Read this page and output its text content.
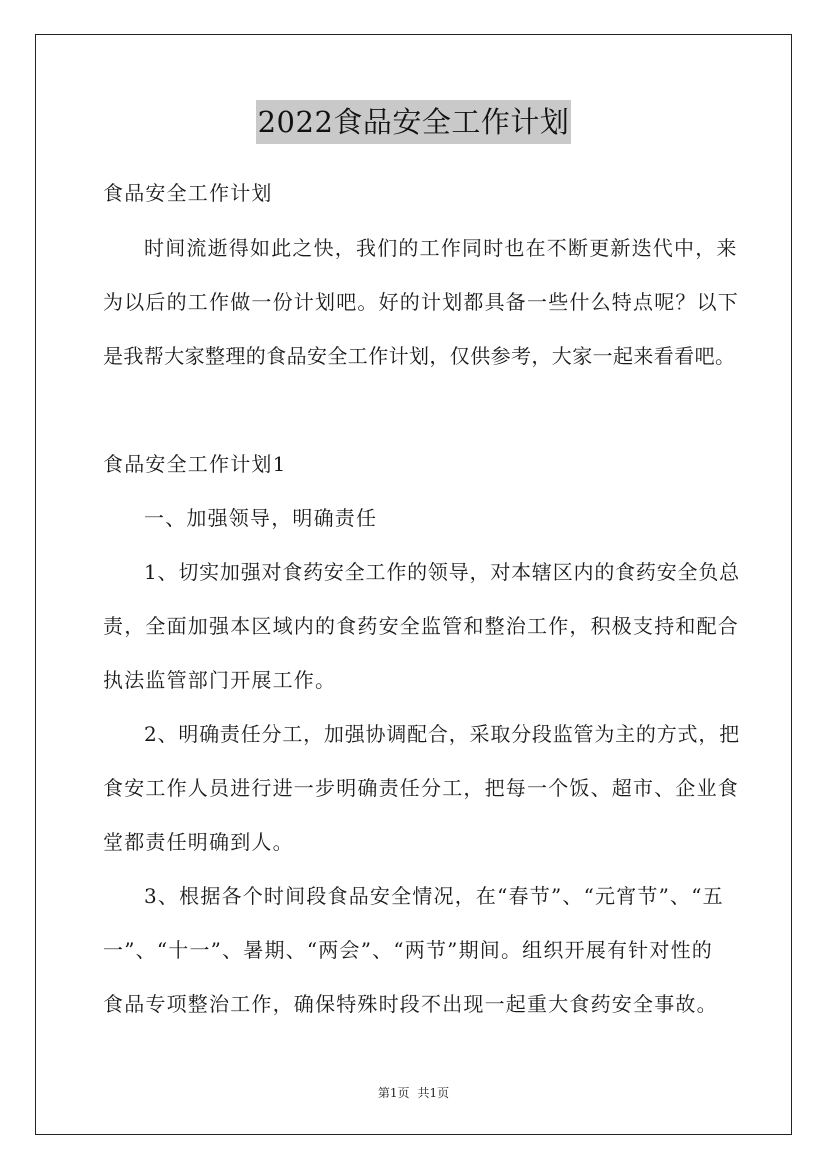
2022食品安全工作计划
食品安全工作计划
时间流逝得如此之快，我们的工作同时也在不断更新迭代中，来
为以后的工作做一份计划吧。好的计划都具备一些什么特点呢？以下
是我帮大家整理的食品安全工作计划，仅供参考，大家一起来看看吧。
食品安全工作计划1
一、加强领导，明确责任
1、切实加强对食药安全工作的领导，对本辖区内的食药安全负总
责，全面加强本区域内的食药安全监管和整治工作，积极支持和配合
执法监管部门开展工作。
2、明确责任分工，加强协调配合，采取分段监管为主的方式，把
食安工作人员进行进一步明确责任分工，把每一个饭、超市、企业食
堂都责任明确到人。
3、根据各个时间段食品安全情况，在“春节”、“元宵节”、“五
一”、“十一”、暑期、“两会”、“两节”期间。组织开展有针对性的
食品专项整治工作，确保特殊时段不出现一起重大食药安全事故。
第1页 共1页
